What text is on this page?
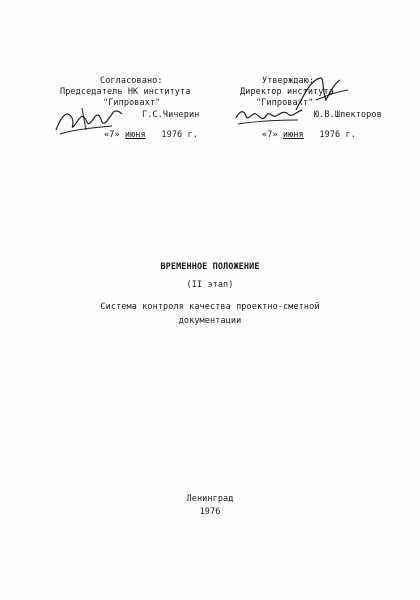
Согласовано:
Председатель НК института
"Гипровахт"
Г.С.Чичерин
«7» июня 1976 г.
Утверждаю:
Директор института
"Гипровахт"
Ю.В.Шпекторов
«7» июня 1976 г.
ВРЕМЕННОЕ ПОЛОЖЕНИЕ
(II этап)
Система контроля качества проектно-сметной
документации
Ленинград
1976
